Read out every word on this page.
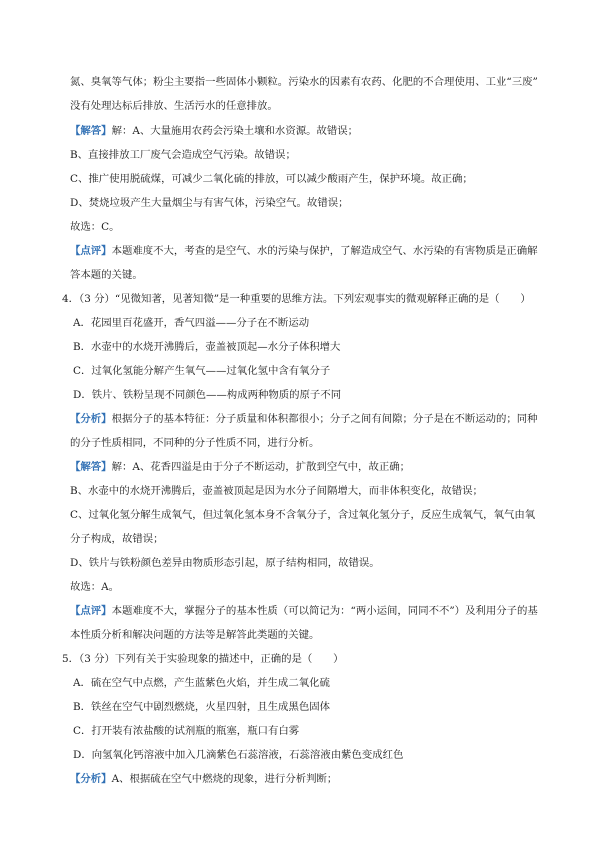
氮、臭氧等气体；粉尘主要指一些固体小颗粒。污染水的因素有农药、化肥的不合理使用、工业“三废”
没有处理达标后排放、生活污水的任意排放。
【解答】解：A、大量施用农药会污染土壤和水资源。故错误；
B、直接排放工厂废气会造成空气污染。故错误；
C、推广使用脱硫煤，可减少二氧化硫的排放，可以减少酸雨产生，保护环境。故正确；
D、焚烧垃圾产生大量烟尘与有害气体，污染空气。故错误；
故选：C。
【点评】本题难度不大，考查的是空气、水的污染与保护，了解造成空气、水污染的有害物质是正确解
答本题的关键。
4．（3 分）“见微知著，见著知微”是一种重要的思维方法。下列宏观事实的微观解释正确的是（　　）
A．花园里百花盛开，香气四溢——分子在不断运动
B．水壶中的水烧开沸腾后，壶盖被顶起—水分子体积增大
C．过氧化氢能分解产生氧气——过氧化氢中含有氧分子
D．铁片、铁粉呈现不同颜色——构成两种物质的原子不同
【分析】根据分子的基本特征：分子质量和体积都很小；分子之间有间隙；分子是在不断运动的；同种
的分子性质相同，不同种的分子性质不同，进行分析。
【解答】解：A、花香四溢是由于分子不断运动，扩散到空气中，故正确；
B、水壶中的水烧开沸腾后，壶盖被顶起是因为水分子间隔增大，而非体积变化，故错误；
C、过氧化氢分解生成氧气，但过氧化氢本身不含氧分子，含过氧化氢分子，反应生成氧气，氧气由氧
分子构成，故错误；
D、铁片与铁粉颜色差异由物质形态引起，原子结构相同，故错误。
故选：A。
【点评】本题难度不大，掌握分子的基本性质（可以简记为：“两小运间，同同不不”）及利用分子的基
本性质分析和解决问题的方法等是解答此类题的关键。
5．（3 分）下列有关于实验现象的描述中，正确的是（　　）
A．硫在空气中点燃，产生蓝紫色火焰，并生成二氧化硫
B．铁丝在空气中剧烈燃烧，火星四射，且生成黑色固体
C．打开装有浓盐酸的试剂瓶的瓶塞，瓶口有白雾
D．向氢氧化钙溶液中加入几滴紫色石蕊溶液，石蕊溶液由紫色变成红色
【分析】A、根据硫在空气中燃烧的现象，进行分析判断；
